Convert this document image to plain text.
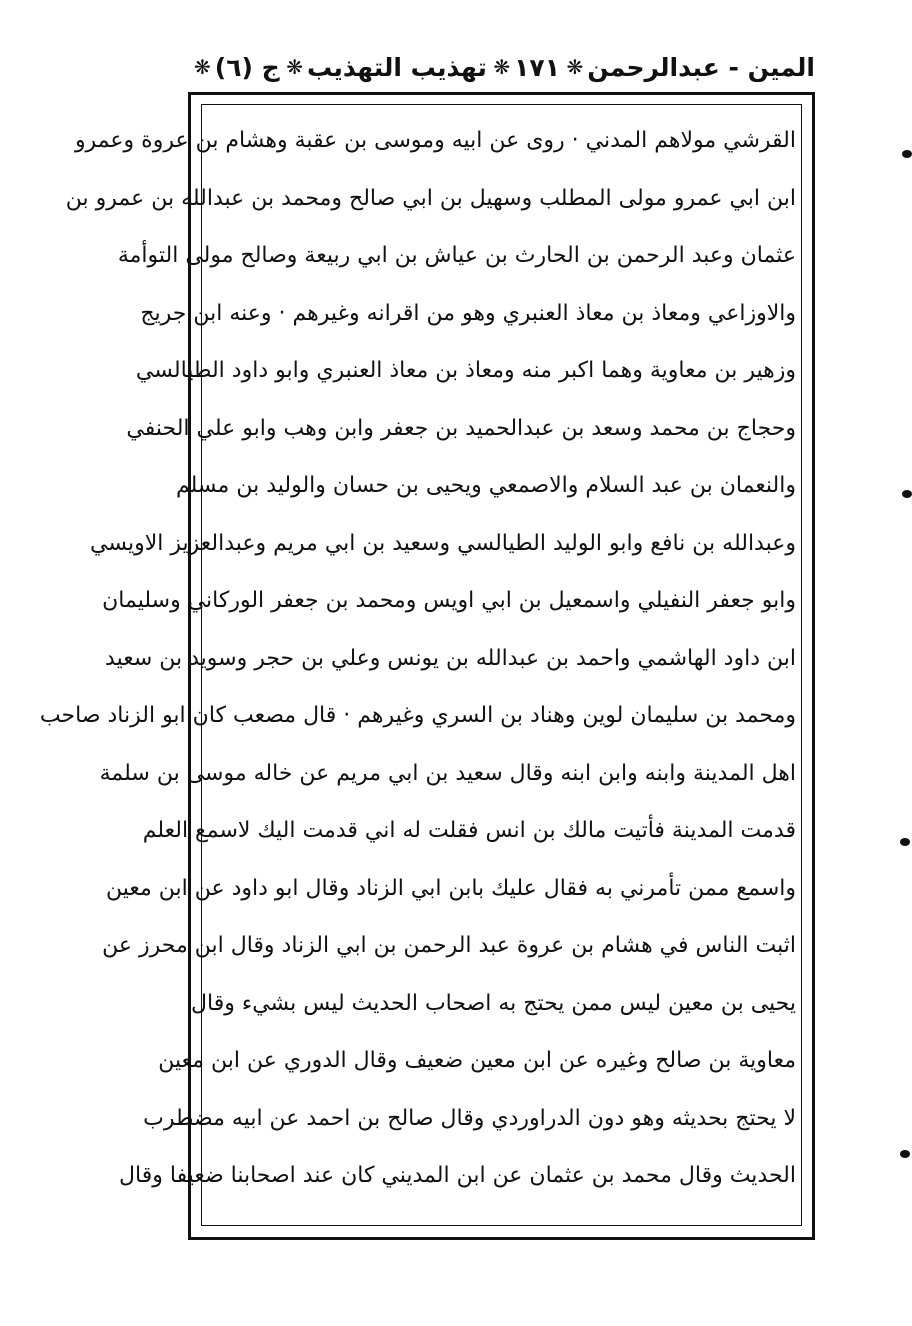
ج (٦)
❋	تهذيب التهذيب
❋	١٧١
❋	المين - عبدالرحمن
❋
القرشي مولاهم المدني · روى عن ابيه وموسى بن عقبة وهشام بن عروة وعمرو
ابن ابي عمرو مولى المطلب وسهيل بن ابي صالح ومحمد بن عبدالله بن عمرو بن
عثمان وعبد الرحمن بن الحارث بن عياش بن ابي ربيعة وصالح مولى التوأمة
والاوزاعي ومعاذ بن معاذ العنبري وهو من اقرانه وغيرهم · وعنه ابن جريج
وزهير بن معاوية وهما اكبر منه ومعاذ بن معاذ العنبري وابو داود الطيالسي
وحجاج بن محمد وسعد بن عبدالحميد بن جعفر وابن وهب وابو علي الحنفي
والنعمان بن عبد السلام والاصمعي ويحيى بن حسان والوليد بن مسلم
وعبدالله بن نافع وابو الوليد الطيالسي وسعيد بن ابي مريم وعبدالعزيز الاويسي
وابو جعفر النفيلي واسمعيل بن ابي اويس ومحمد بن جعفر الوركاني وسليمان
ابن داود الهاشمي واحمد بن عبدالله بن يونس وعلي بن حجر وسويد بن سعيد
ومحمد بن سليمان لوين وهناد بن السري وغيرهم · قال مصعب كان ابو الزناد صاحب
اهل المدينة وابنه وابن ابنه وقال سعيد بن ابي مريم عن خاله موسى بن سلمة
قدمت المدينة فأتيت مالك بن انس فقلت له اني قدمت اليك لاسمع العلم
واسمع ممن تأمرني به فقال عليك بابن ابي الزناد وقال ابو داود عن ابن معين
اثبت الناس في هشام بن عروة عبد الرحمن بن ابي الزناد وقال ابن محرز عن
يحيى بن معين ليس ممن يحتج به اصحاب الحديث ليس بشيء وقال
معاوية بن صالح وغيره عن ابن معين ضعيف وقال الدوري عن ابن معين
لا يحتج بحديثه وهو دون الدراوردي وقال صالح بن احمد عن ابيه مضطرب
الحديث وقال محمد بن عثمان عن ابن المديني كان عند اصحابنا ضعيفا وقال
